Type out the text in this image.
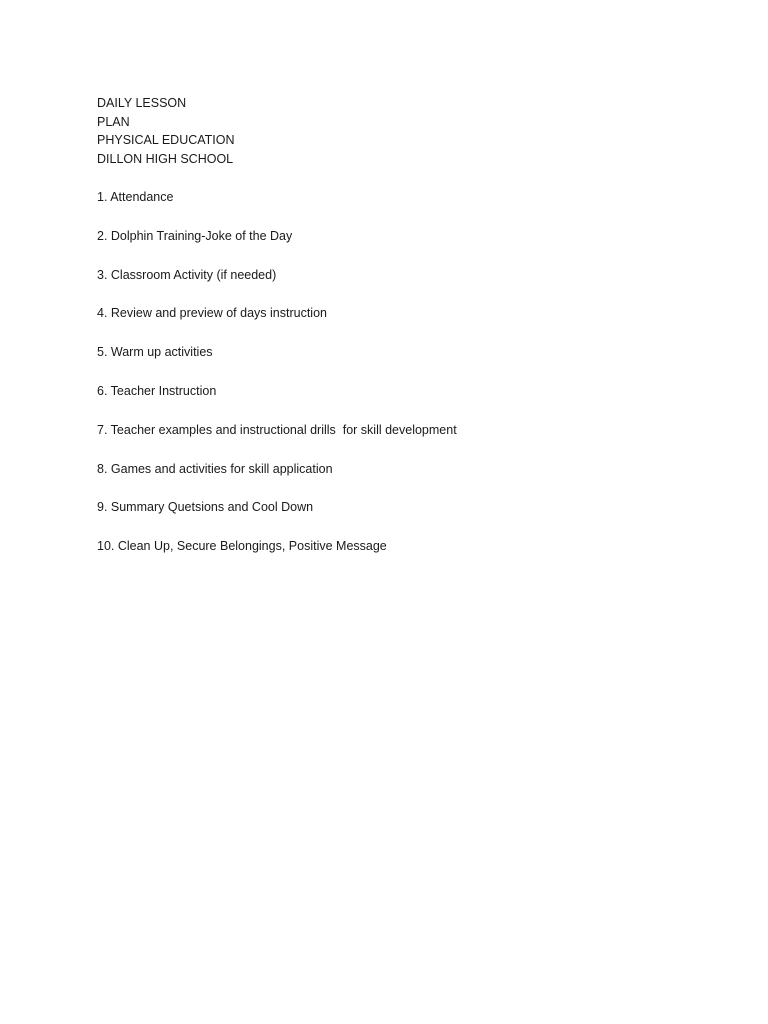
DAILY LESSON

PLAN

PHYSICAL EDUCATION

DILLON HIGH SCHOOL

1. Attendance
2. Dolphin Training-Joke of the Day
3. Classroom Activity (if needed)
4. Review and preview of days instruction
5. Warm up activities
6. Teacher Instruction
7. Teacher examples and instructional drills  for skill development
8. Games and activities for skill application
9. Summary Quetsions and Cool Down
10. Clean Up, Secure Belongings, Positive Message
